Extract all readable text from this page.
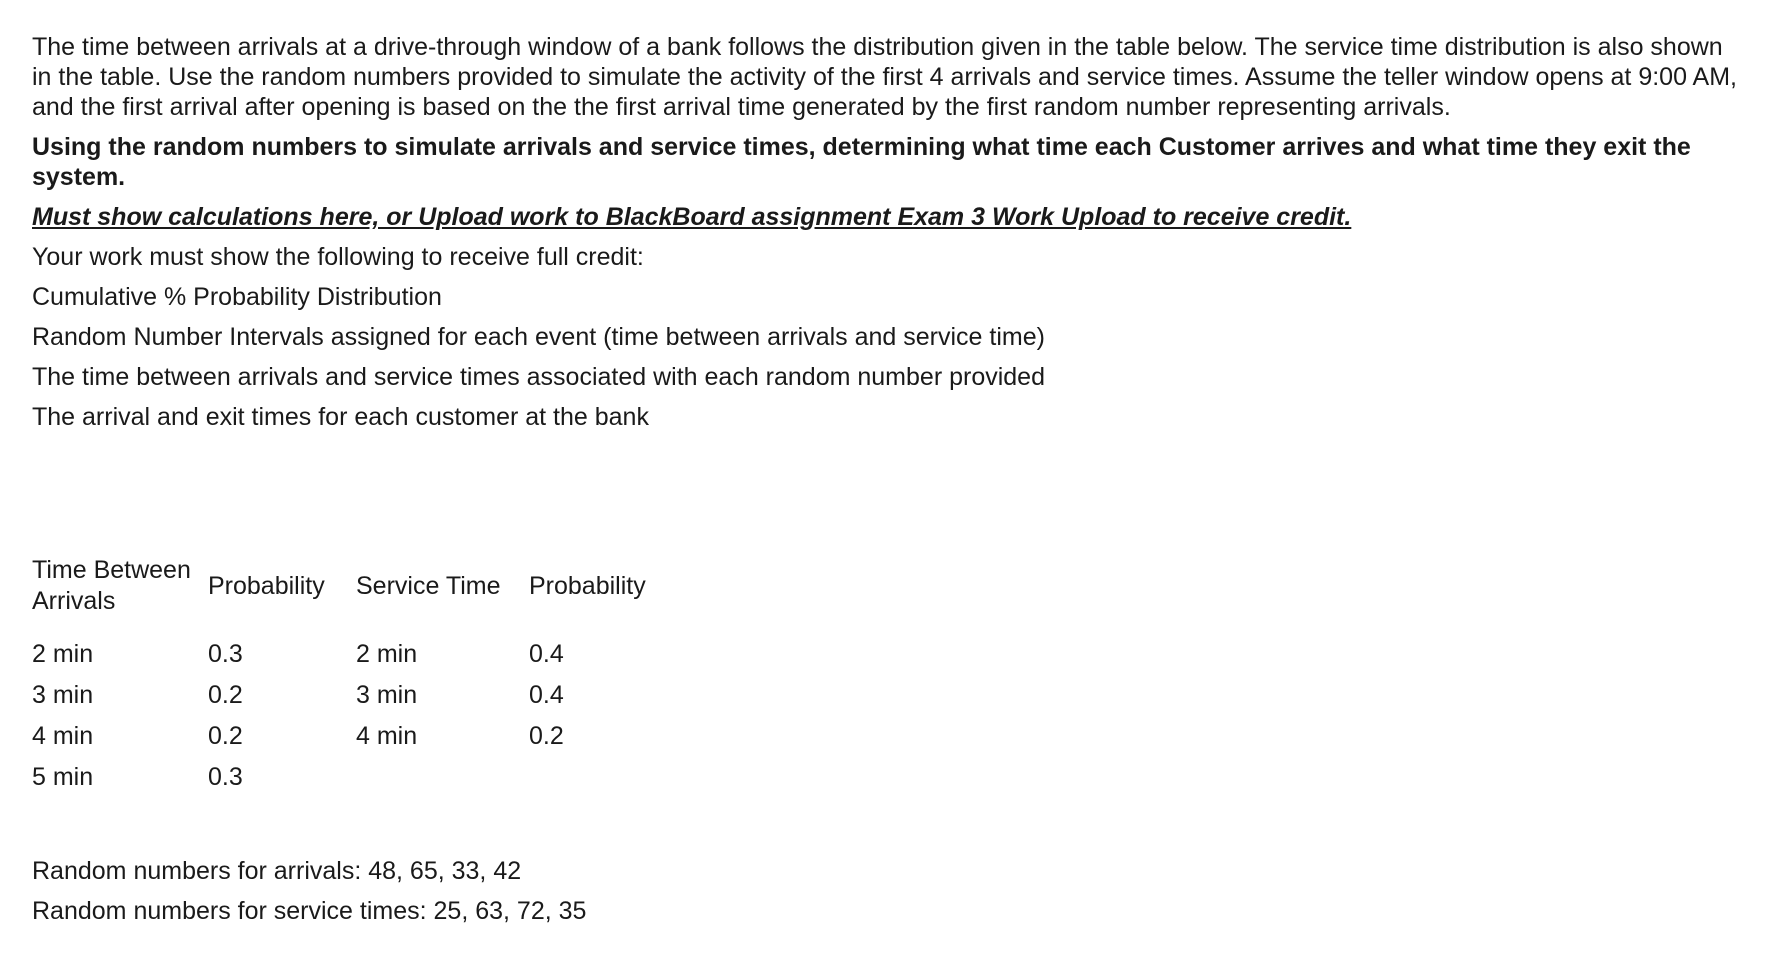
The time between arrivals at a drive-through window of a bank follows the distribution given in the table below. The service time distribution is also shown in the table. Use the random numbers provided to simulate the activity of the first 4 arrivals and service times. Assume the teller window opens at 9:00 AM, and the first arrival after opening is based on the the first arrival time generated by the first random number representing arrivals.

Using the random numbers to simulate arrivals and service times, determining what time each Customer arrives and what time they exit the system.

Must show calculations here, or Upload work to BlackBoard assignment Exam 3 Work Upload to receive credit.

Your work must show the following to receive full credit:

Cumulative % Probability Distribution

Random Number Intervals assigned for each event (time between arrivals and service time)

The time between arrivals and service times associated with each random number provided

The arrival and exit times for each customer at the bank

Time Between Arrivals	Probability	Service Time	Probability

2 min	0.3	2 min	0.4
3 min	0.2	3 min	0.4
4 min	0.2	4 min	0.2
5 min	0.3		

Random numbers for arrivals: 48, 65, 33, 42

Random numbers for service times: 25, 63, 72, 35
